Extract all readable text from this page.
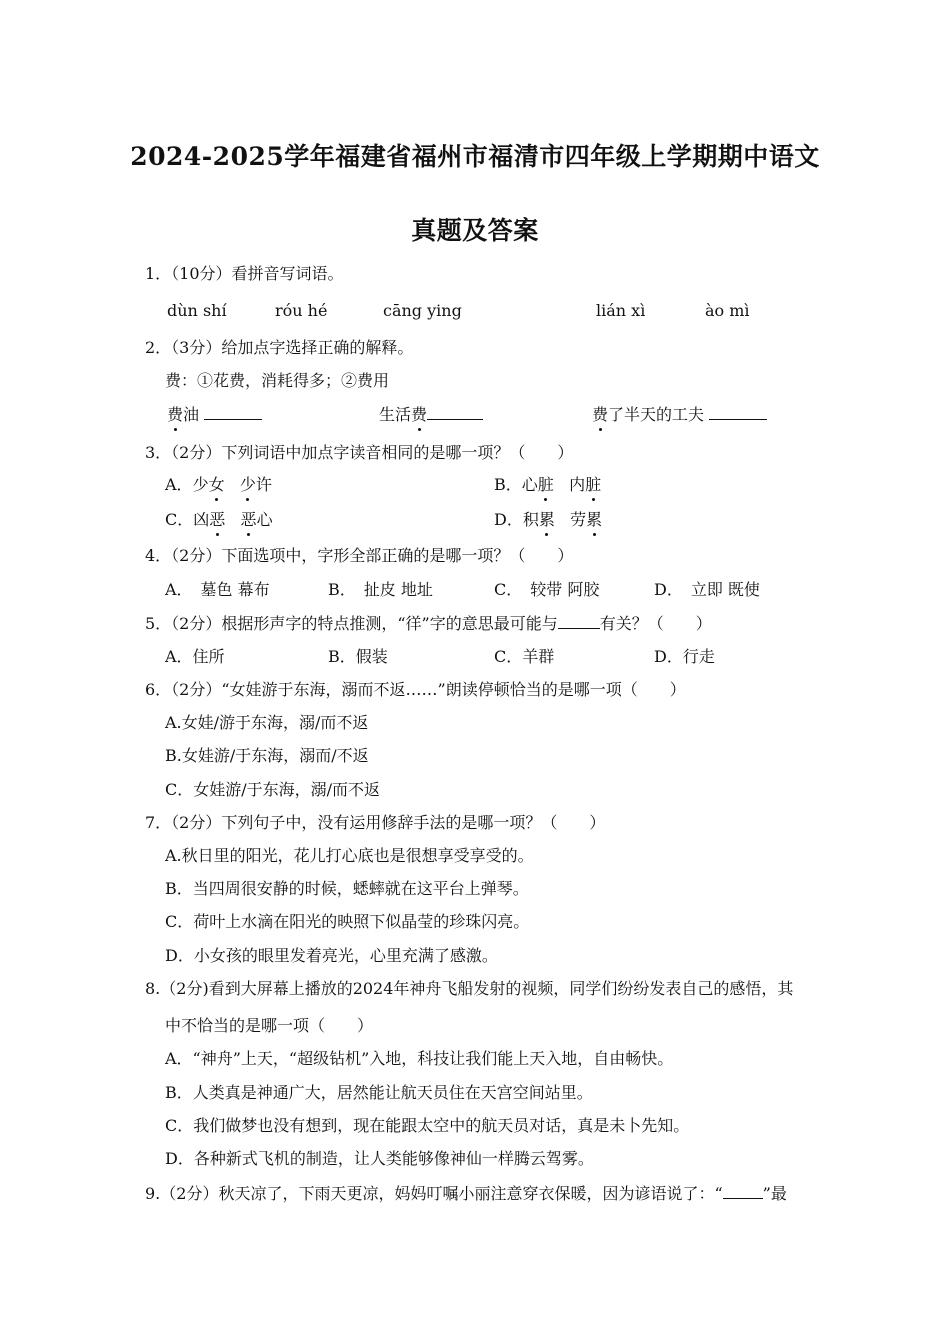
2024-2025学年福建省福州市福清市四年级上学期期中语文
真题及答案
1．（10分）看拼音写词语。
dùn shí	róu hé	cāng ying	lián xì	ào mì
2．（3分）给加点字选择正确的解释。
费：①花费，消耗得多；②费用
费油	生活费	费了半天的工夫
3．（2分）下列词语中加点字读音相同的是哪一项？（　　）
A．少女 少许	B．心脏 内脏
C．凶恶 恶心	D．积累 劳累
4．（2分）下面选项中，字形全部正确的是哪一项？（　　）
A．　墓色 幕布	B．　扯皮 地址	C．　较带 阿胶	D．　立即 既使
5．（2分）根据形声字的特点推测，“徉”字的意思最可能与	有关？（　　）
A．住所	B．假装	C．羊群	D．行走
6．（2分）“女娃游于东海，溺而不返……”朗读停顿恰当的是哪一项（　　）
A.女娃/游于东海，溺/而不返
B.女娃游/于东海，溺而/不返
C．女娃游/于东海，溺/而不返
7．（2分）下列句子中，没有运用修辞手法的是哪一项？（　　）
A.秋日里的阳光，花儿打心底也是很想享受享受的。
B．当四周很安静的时候，蟋蟀就在这平台上弹琴。
C．荷叶上水滴在阳光的映照下似晶莹的珍珠闪亮。
D．小女孩的眼里发着亮光，心里充满了感激。
8.（2分)看到大屏幕上播放的2024年神舟飞船发射的视频，同学们纷纷发表自己的感悟，其
中不恰当的是哪一项（　　）
A．“神舟”上天，“超级钻机”入地，科技让我们能上天入地，自由畅快。
B．人类真是神通广大，居然能让航天员住在天宫空间站里。
C．我们做梦也没有想到，现在能跟太空中的航天员对话，真是未卜先知。
D．各种新式飞机的制造，让人类能够像神仙一样腾云驾雾。
9.（2分）秋天凉了，下雨天更凉，妈妈叮嘱小丽注意穿衣保暖，因为谚语说了：“	”最
